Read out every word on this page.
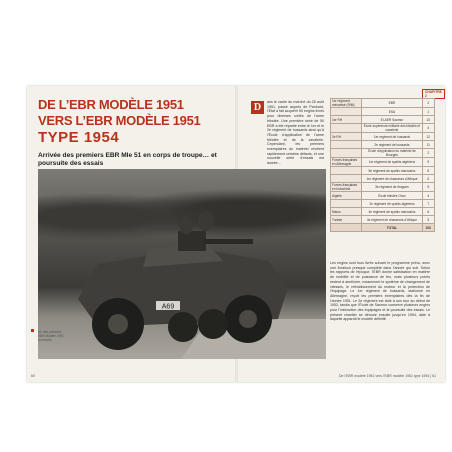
DE L’EBR MODÈLE 1951
VERS L’EBR MODÈLE 1951
TYPE 1954

Arrivée des premiers EBR Mle 51 en corps de troupe… et poursuite des essais

D	ans le cadre du marché du 26 août 1951, passé auprès de Panhard, l’État a fait acquérir 50 engins livrés pour diverses unités de l’arme blindée. Une première série de 50 EBR a été répartie entre le 1er et le 2e régiment de hussards ainsi qu’à l’École d’application de l’arme blindée et de la cavalerie. Cependant, les premiers exemplaires du matériel révèlent rapidement certains défauts, et une nouvelle série d’essais est lancée…

A69

Un des premiers EBR Modèle 1951 en essais.

CHAPITRE 2
1er régiment mécanisé (RIM)	EBR	2
	ESA	1
1er RH	EI-AER Saumur	10
	École supérieure militaire des blindés et cavalerie	4
2e RH	1er régiment de hussards	12
	2e régiment de hussards	11
	École d’application du matériel de Bourges	2
Forces françaises en Allemagne	1er régiment de spahis algériens	9
	5e régiment de spahis marocains	8
	1er régiment de chasseurs d’Afrique	6
Forces françaises en Indochine	3e régiment de dragons	5
Algérie	École blindée Oran	4
	2e régiment de spahis algériens	7
Maroc	4e régiment de spahis marocains	6
Tunisie	4e régiment de chasseurs d’Afrique	5
	TOTAL	100

Les engins sont tous livrés suivant le programme prévu, avec une livraison presque complète dans l’année qui suit. Selon les rapports de l’époque, l’EBR donne satisfaction en matière de mobilité et de puissance de feu, mais plusieurs points restent à améliorer, notamment le système de changement de vitesses, le refroidissement du moteur et la protection de l’équipage. Le 1er régiment de hussards, stationné en Allemagne, reçoit les premiers exemplaires dès la fin de l’année 1951. Le 2e régiment est doté à son tour au début de 1952, tandis que l’École de Saumur conserve plusieurs engins pour l’instruction des équipages et la poursuite des essais. Le présent chantier se déroule ensuite jusqu’en 1954, date à laquelle apparaît le modèle définitif.

60	De l’EBR modèle 1951 vers l’EBR modèle 1951 type 1954 | 61
